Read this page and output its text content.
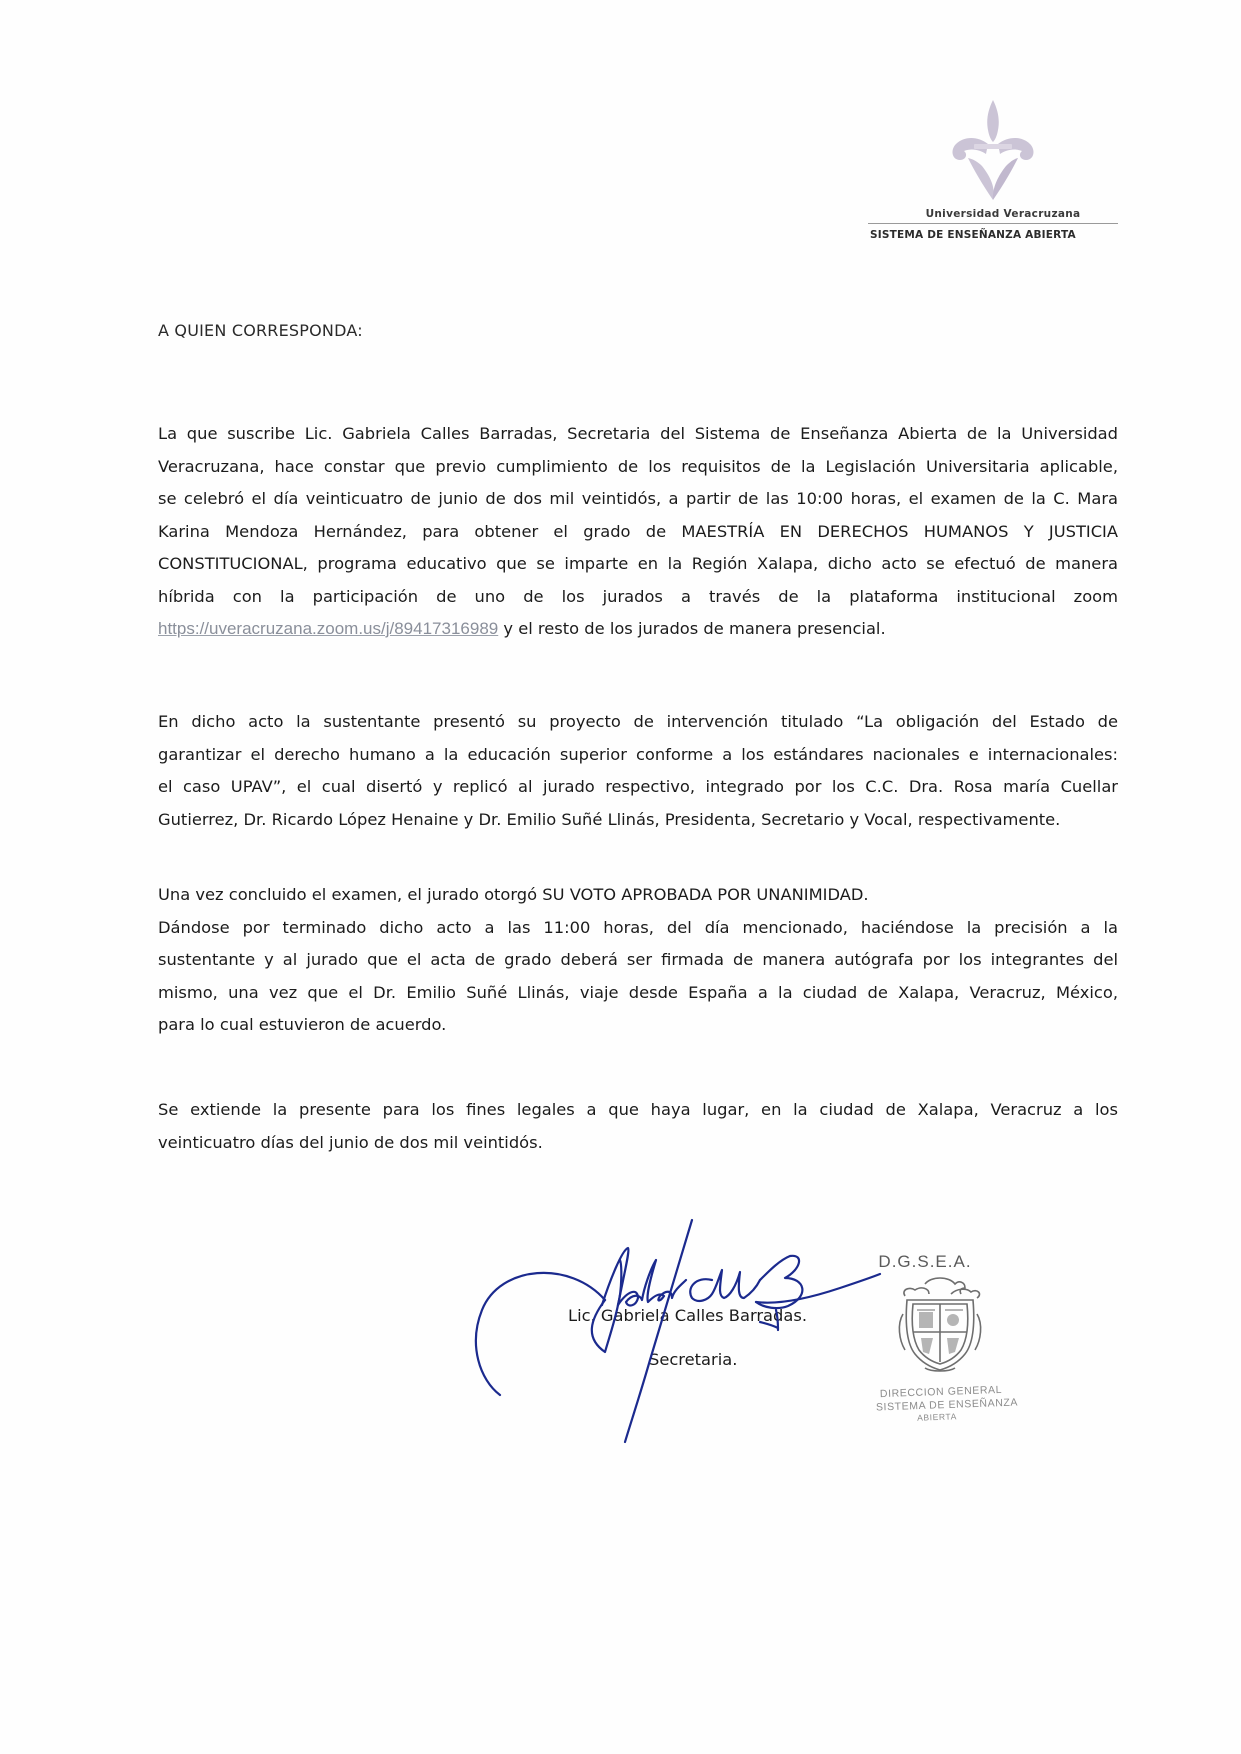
Universidad Veracruzana
SISTEMA DE ENSEÑANZA ABIERTA
A QUIEN CORRESPONDA:
La que suscribe Lic. Gabriela Calles Barradas, Secretaria del Sistema de Enseñanza Abierta de la Universidad
Veracruzana, hace constar que previo cumplimiento de los requisitos de la Legislación Universitaria aplicable,
se celebró el día veinticuatro de junio de dos mil veintidós, a partir de las 10:00 horas, el examen de la C. Mara
Karina Mendoza Hernández, para obtener el grado de MAESTRÍA EN DERECHOS HUMANOS Y JUSTICIA
CONSTITUCIONAL, programa educativo que se imparte en la Región Xalapa, dicho acto se efectuó de manera
híbrida con la participación de uno de los jurados a través de la plataforma institucional zoom
https://uveracruzana.zoom.us/j/89417316989 y el resto de los jurados de manera presencial.
En dicho acto la sustentante presentó su proyecto de intervención titulado “La obligación del Estado de
garantizar el derecho humano a la educación superior conforme a los estándares nacionales e internacionales:
el caso UPAV”, el cual disertó y replicó al jurado respectivo, integrado por los C.C. Dra. Rosa maría Cuellar
Gutierrez, Dr. Ricardo López Henaine y Dr. Emilio Suñé Llinás, Presidenta, Secretario y Vocal, respectivamente.
Una vez concluido el examen, el jurado otorgó SU VOTO APROBADA POR UNANIMIDAD.
Dándose por terminado dicho acto a las 11:00 horas, del día mencionado, haciéndose la precisión a la
sustentante y al jurado que el acta de grado deberá ser firmada de manera autógrafa por los integrantes del
mismo, una vez que el Dr. Emilio Suñé Llinás, viaje desde España a la ciudad de Xalapa, Veracruz, México,
para lo cual estuvieron de acuerdo.
Se extiende la presente para los fines legales a que haya lugar, en la ciudad de Xalapa, Veracruz a los
veinticuatro días del junio de dos mil veintidós.
Lic. Gabriela Calles Barradas.
Secretaria.
D.G.S.E.A.
DIRECCION GENERAL
SISTEMA DE ENSEÑANZA
ABIERTA
